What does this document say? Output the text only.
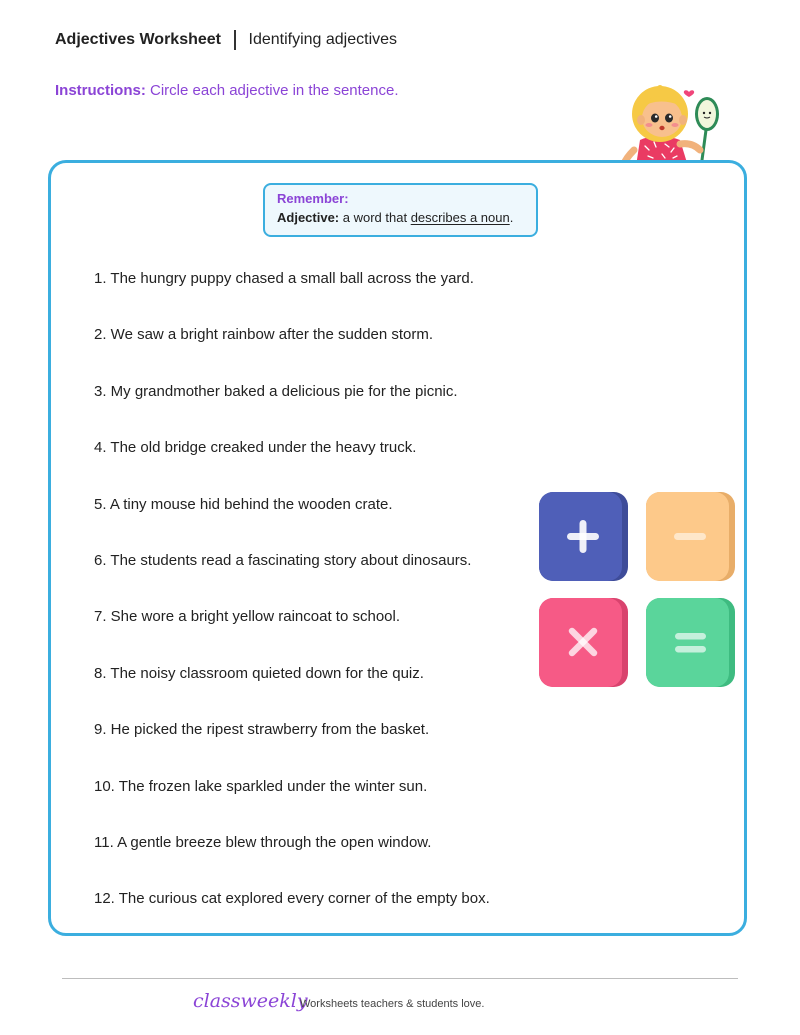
Adjectives Worksheet Identifying adjectives
Instructions: Circle each adjective in the sentence.
Remember:
Adjective: a word that describes a noun.
1. The hungry puppy chased a small ball across the yard.
2. We saw a bright rainbow after the sudden storm.
3. My grandmother baked a delicious pie for the picnic.
4. The old bridge creaked under the heavy truck.
5. A tiny mouse hid behind the wooden crate.
6. The students read a fascinating story about dinosaurs.
7. She wore a bright yellow raincoat to school.
8. The noisy classroom quieted down for the quiz.
9. He picked the ripest strawberry from the basket.
10. The frozen lake sparkled under the winter sun.
11. A gentle breeze blew through the open window.
12. The curious cat explored every corner of the empty box.
classweekly
Worksheets teachers & students love.
